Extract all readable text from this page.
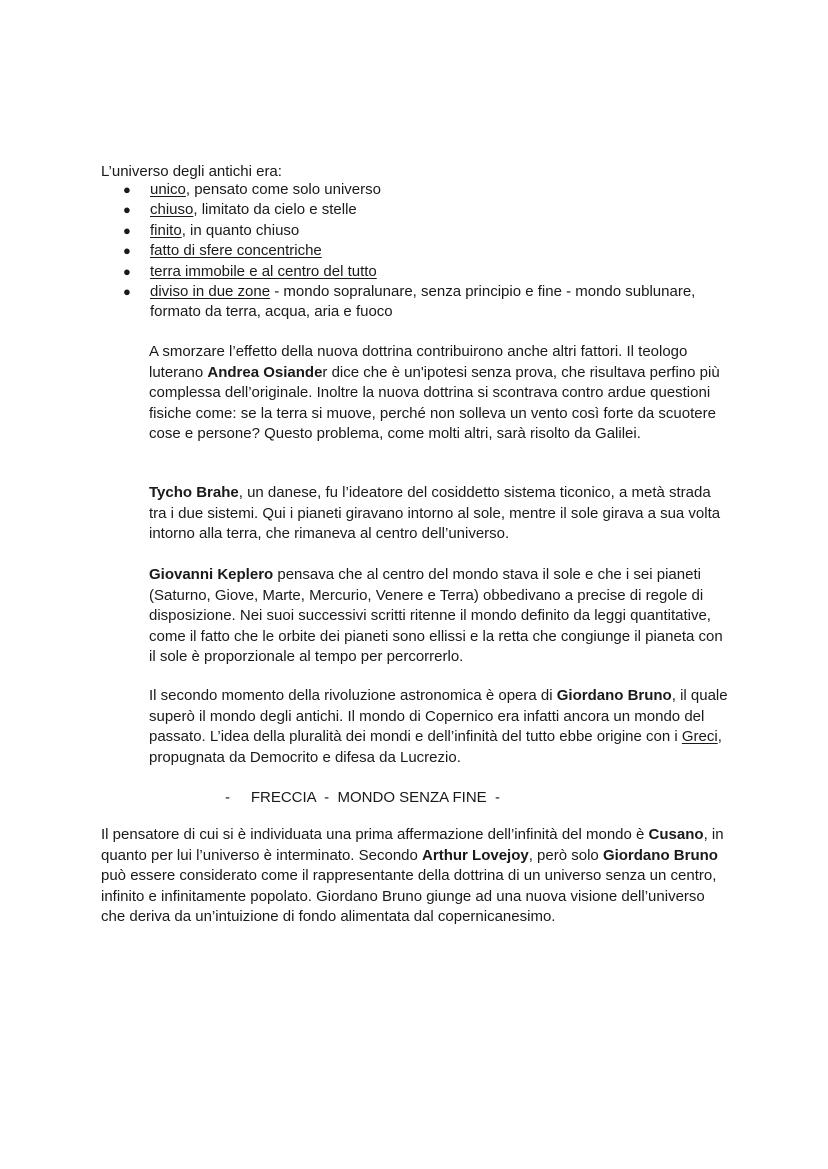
L’universo degli antichi era:
● unico, pensato come solo universo
● chiuso, limitato da cielo e stelle
● finito, in quanto chiuso
● fatto di sfere concentriche
● terra immobile e al centro del tutto
● diviso in due zone - mondo sopralunare, senza principio e fine - mondo sublunare, formato da terra, acqua, aria e fuoco

A smorzare l’effetto della nuova dottrina contribuirono anche altri fattori. Il teologo luterano Andrea Osiander dice che è un'ipotesi senza prova, che risultava perfino più complessa dell’originale. Inoltre la nuova dottrina si scontrava contro ardue questioni fisiche come: se la terra si muove, perché non solleva un vento così forte da scuotere cose e persone? Questo problema, come molti altri, sarà risolto da Galilei.

Tycho Brahe, un danese, fu l’ideatore del cosiddetto sistema ticonico, a metà strada tra i due sistemi. Qui i pianeti giravano intorno al sole, mentre il sole girava a sua volta intorno alla terra, che rimaneva al centro dell’universo.

Giovanni Keplero pensava che al centro del mondo stava il sole e che i sei pianeti (Saturno, Giove, Marte, Mercurio, Venere e Terra) obbedivano a precise di regole di disposizione. Nei suoi successivi scritti ritenne il mondo definito da leggi quantitative, come il fatto che le orbite dei pianeti sono ellissi e la retta che congiunge il pianeta con il sole è proporzionale al tempo per percorrerlo.

Il secondo momento della rivoluzione astronomica è opera di Giordano Bruno, il quale superò il mondo degli antichi. Il mondo di Copernico era infatti ancora un mondo del passato. L’idea della pluralità dei mondi e dell’infinità del tutto ebbe origine con i Greci, propugnata da Democrito e difesa da Lucrezio.

-     FRECCIA  -  MONDO SENZA FINE  -

Il pensatore di cui si è individuata una prima affermazione dell’infinità del mondo è Cusano, in quanto per lui l’universo è interminato. Secondo Arthur Lovejoy, però solo Giordano Bruno può essere considerato come il rappresentante della dottrina di un universo senza un centro, infinito e infinitamente popolato. Giordano Bruno giunge ad una nuova visione dell’universo che deriva da un’intuizione di fondo alimentata dal copernicanesimo.
